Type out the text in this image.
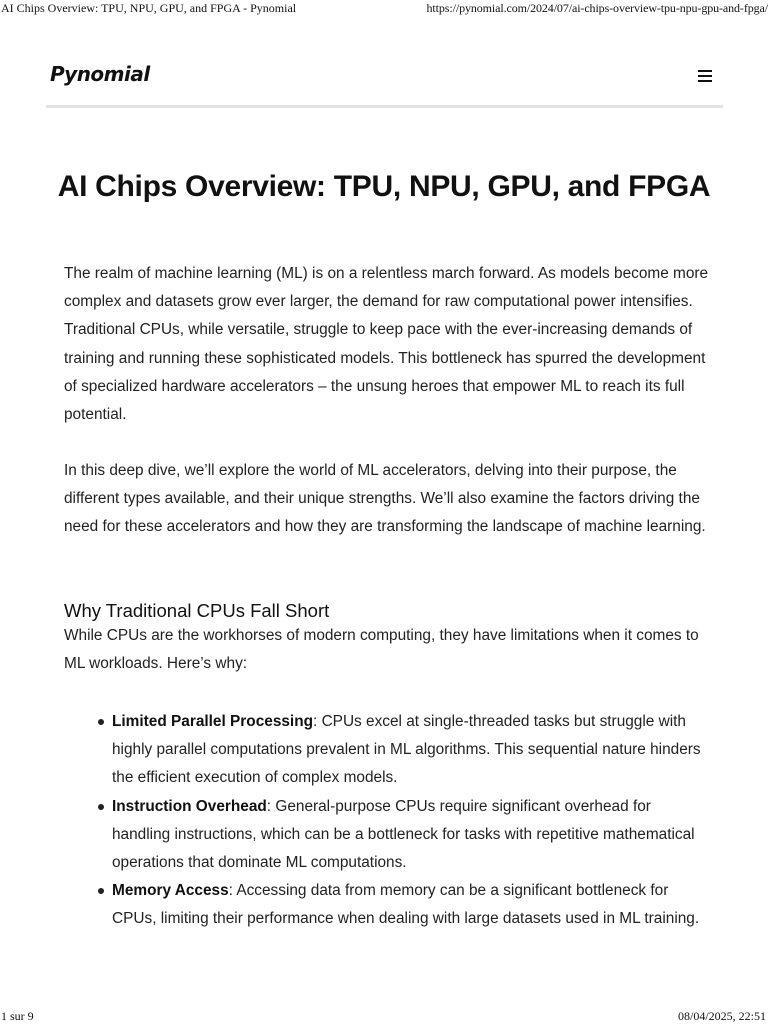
AI Chips Overview: TPU, NPU, GPU, and FPGA - Pynomial	https://pynomial.com/2024/07/ai-chips-overview-tpu-npu-gpu-and-fpga/
Pynomial
AI Chips Overview: TPU, NPU, GPU, and FPGA

The realm of machine learning (ML) is on a relentless march forward. As models become more complex and datasets grow ever larger, the demand for raw computational power intensifies. Traditional CPUs, while versatile, struggle to keep pace with the ever-increasing demands of training and running these sophisticated models. This bottleneck has spurred the development of specialized hardware accelerators – the unsung heroes that empower ML to reach its full potential.

In this deep dive, we’ll explore the world of ML accelerators, delving into their purpose, the different types available, and their unique strengths. We’ll also examine the factors driving the need for these accelerators and how they are transforming the landscape of machine learning.

Why Traditional CPUs Fall Short

While CPUs are the workhorses of modern computing, they have limitations when it comes to ML workloads. Here’s why:

Limited Parallel Processing: CPUs excel at single-threaded tasks but struggle with highly parallel computations prevalent in ML algorithms. This sequential nature hinders the efficient execution of complex models.
Instruction Overhead: General-purpose CPUs require significant overhead for handling instructions, which can be a bottleneck for tasks with repetitive mathematical operations that dominate ML computations.
Memory Access: Accessing data from memory can be a significant bottleneck for CPUs, limiting their performance when dealing with large datasets used in ML training.
1 sur 9	08/04/2025, 22:51
